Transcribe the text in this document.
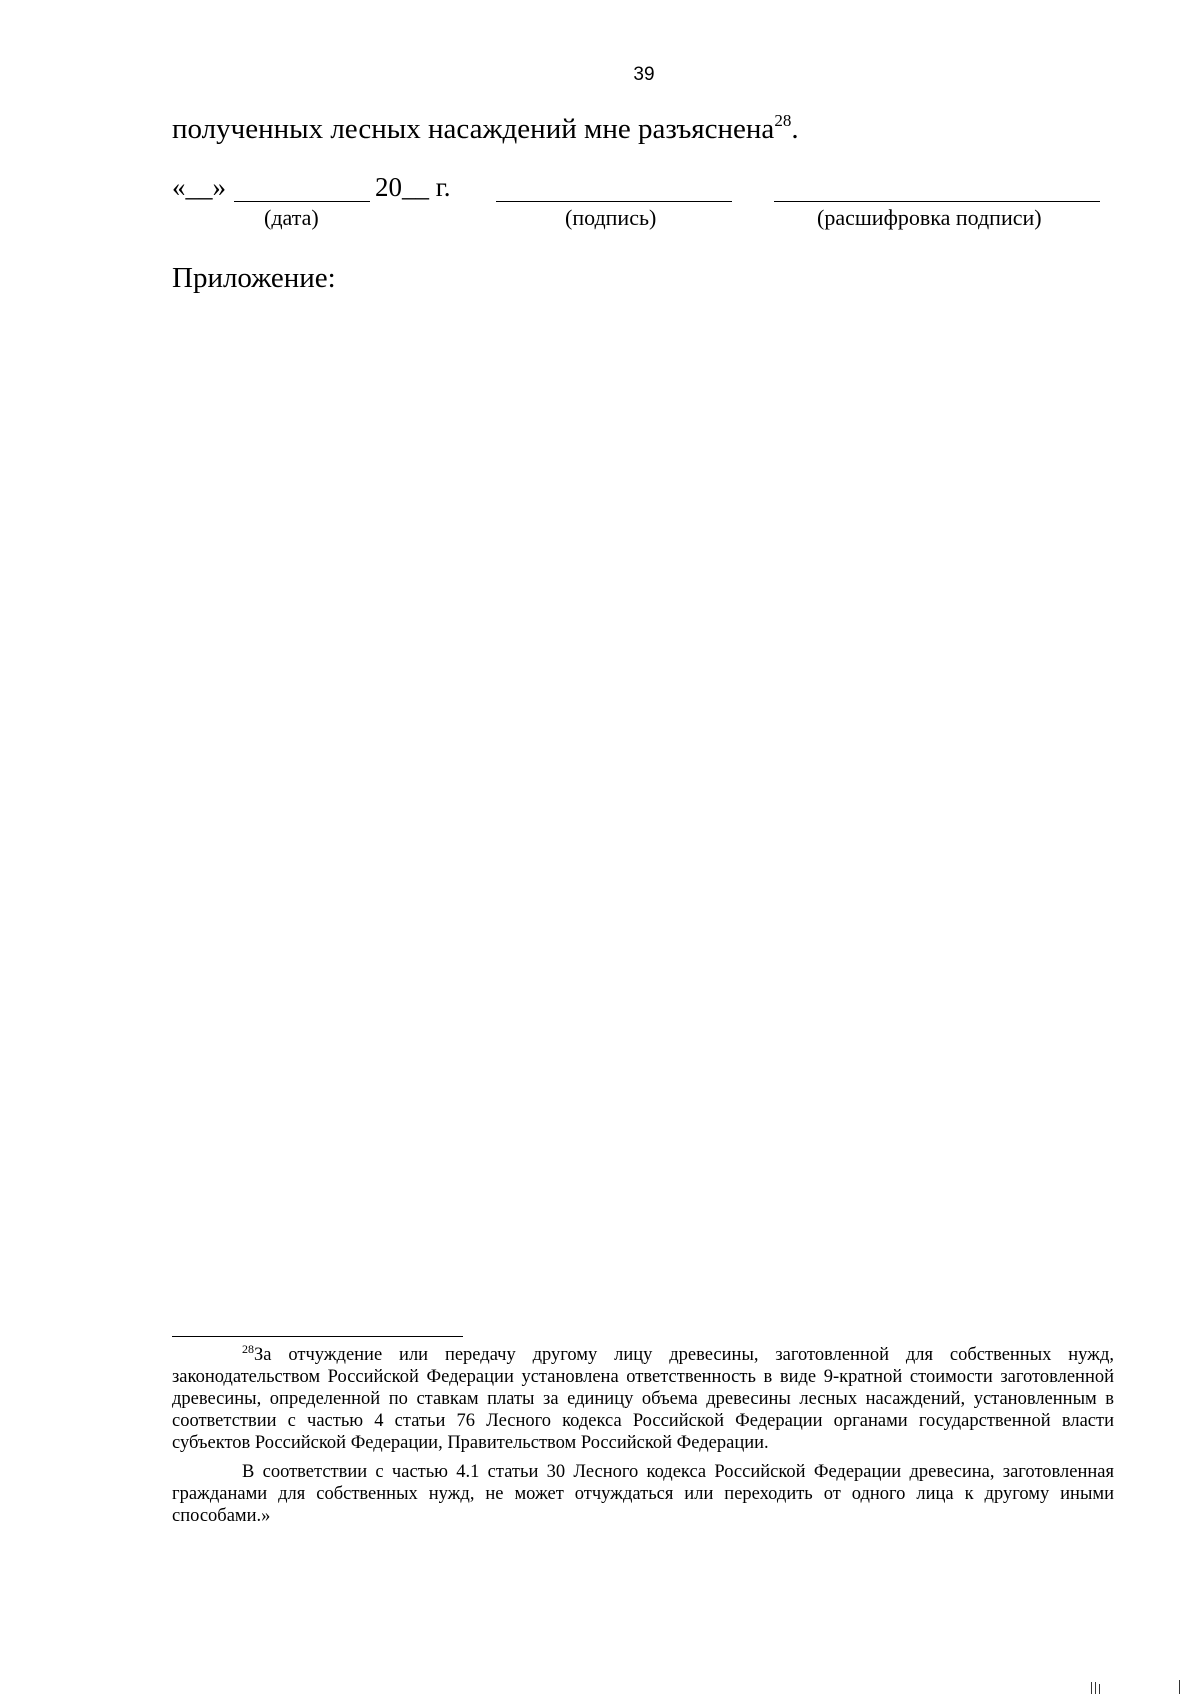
39
полученных лесных насаждений мне разъяснена$^{28}$.
«__»	20__ г.
(дата)	(подпись)	(расшифровка подписи)
Приложение:

$^{28}$За отчуждение или передачу другому лицу древесины, заготовленной для собственных нужд, законодательством Российской Федерации установлена ответственность в виде 9-кратной стоимости заготовленной древесины, определенной по ставкам платы за единицу объема древесины лесных насаждений, установленным в соответствии с частью 4 статьи 76 Лесного кодекса Российской Федерации органами государственной власти субъектов Российской Федерации, Правительством Российской Федерации.

В соответствии с частью 4.1 статьи 30 Лесного кодекса Российской Федерации древесина, заготовленная гражданами для собственных нужд, не может отчуждаться или переходить от одного лица к другому иными способами.»
